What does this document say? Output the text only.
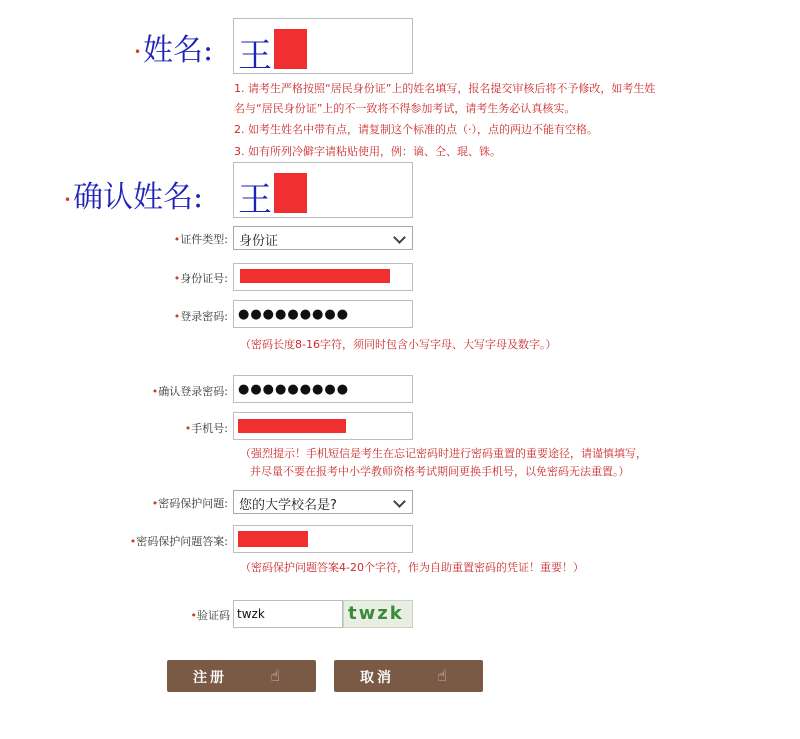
• 姓名: 王
1. 请考生严格按照“居民身份证”上的姓名填写，报名提交审核后将不予修改，如考生姓
名与“居民身份证”上的不一致将不得参加考试，请考生务必认真核实。
2. 如考生姓名中带有点，请复制这个标准的点（·），点的两边不能有空格。
3. 如有所列冷僻字请粘贴使用，例：谪、仝、琨、铢。
• 确认姓名: 王
•证件类型: 身份证
•身份证号:
•登录密码: ●●●●●●●●●
（密码长度8-16字符，须同时包含小写字母、大写字母及数字。）
•确认登录密码: ●●●●●●●●●
•手机号:
（强烈提示！手机短信是考生在忘记密码时进行密码重置的重要途径，请谨慎填写，
并尽量不要在报考中小学教师资格考试期间更换手机号，以免密码无法重置。）
•密码保护问题: 您的大学校名是?
•密码保护问题答案:
（密码保护问题答案4-20个字符，作为自助重置密码的凭证！重要！）
•验证码 twzk	twzk
注册	☝	取消	☝
